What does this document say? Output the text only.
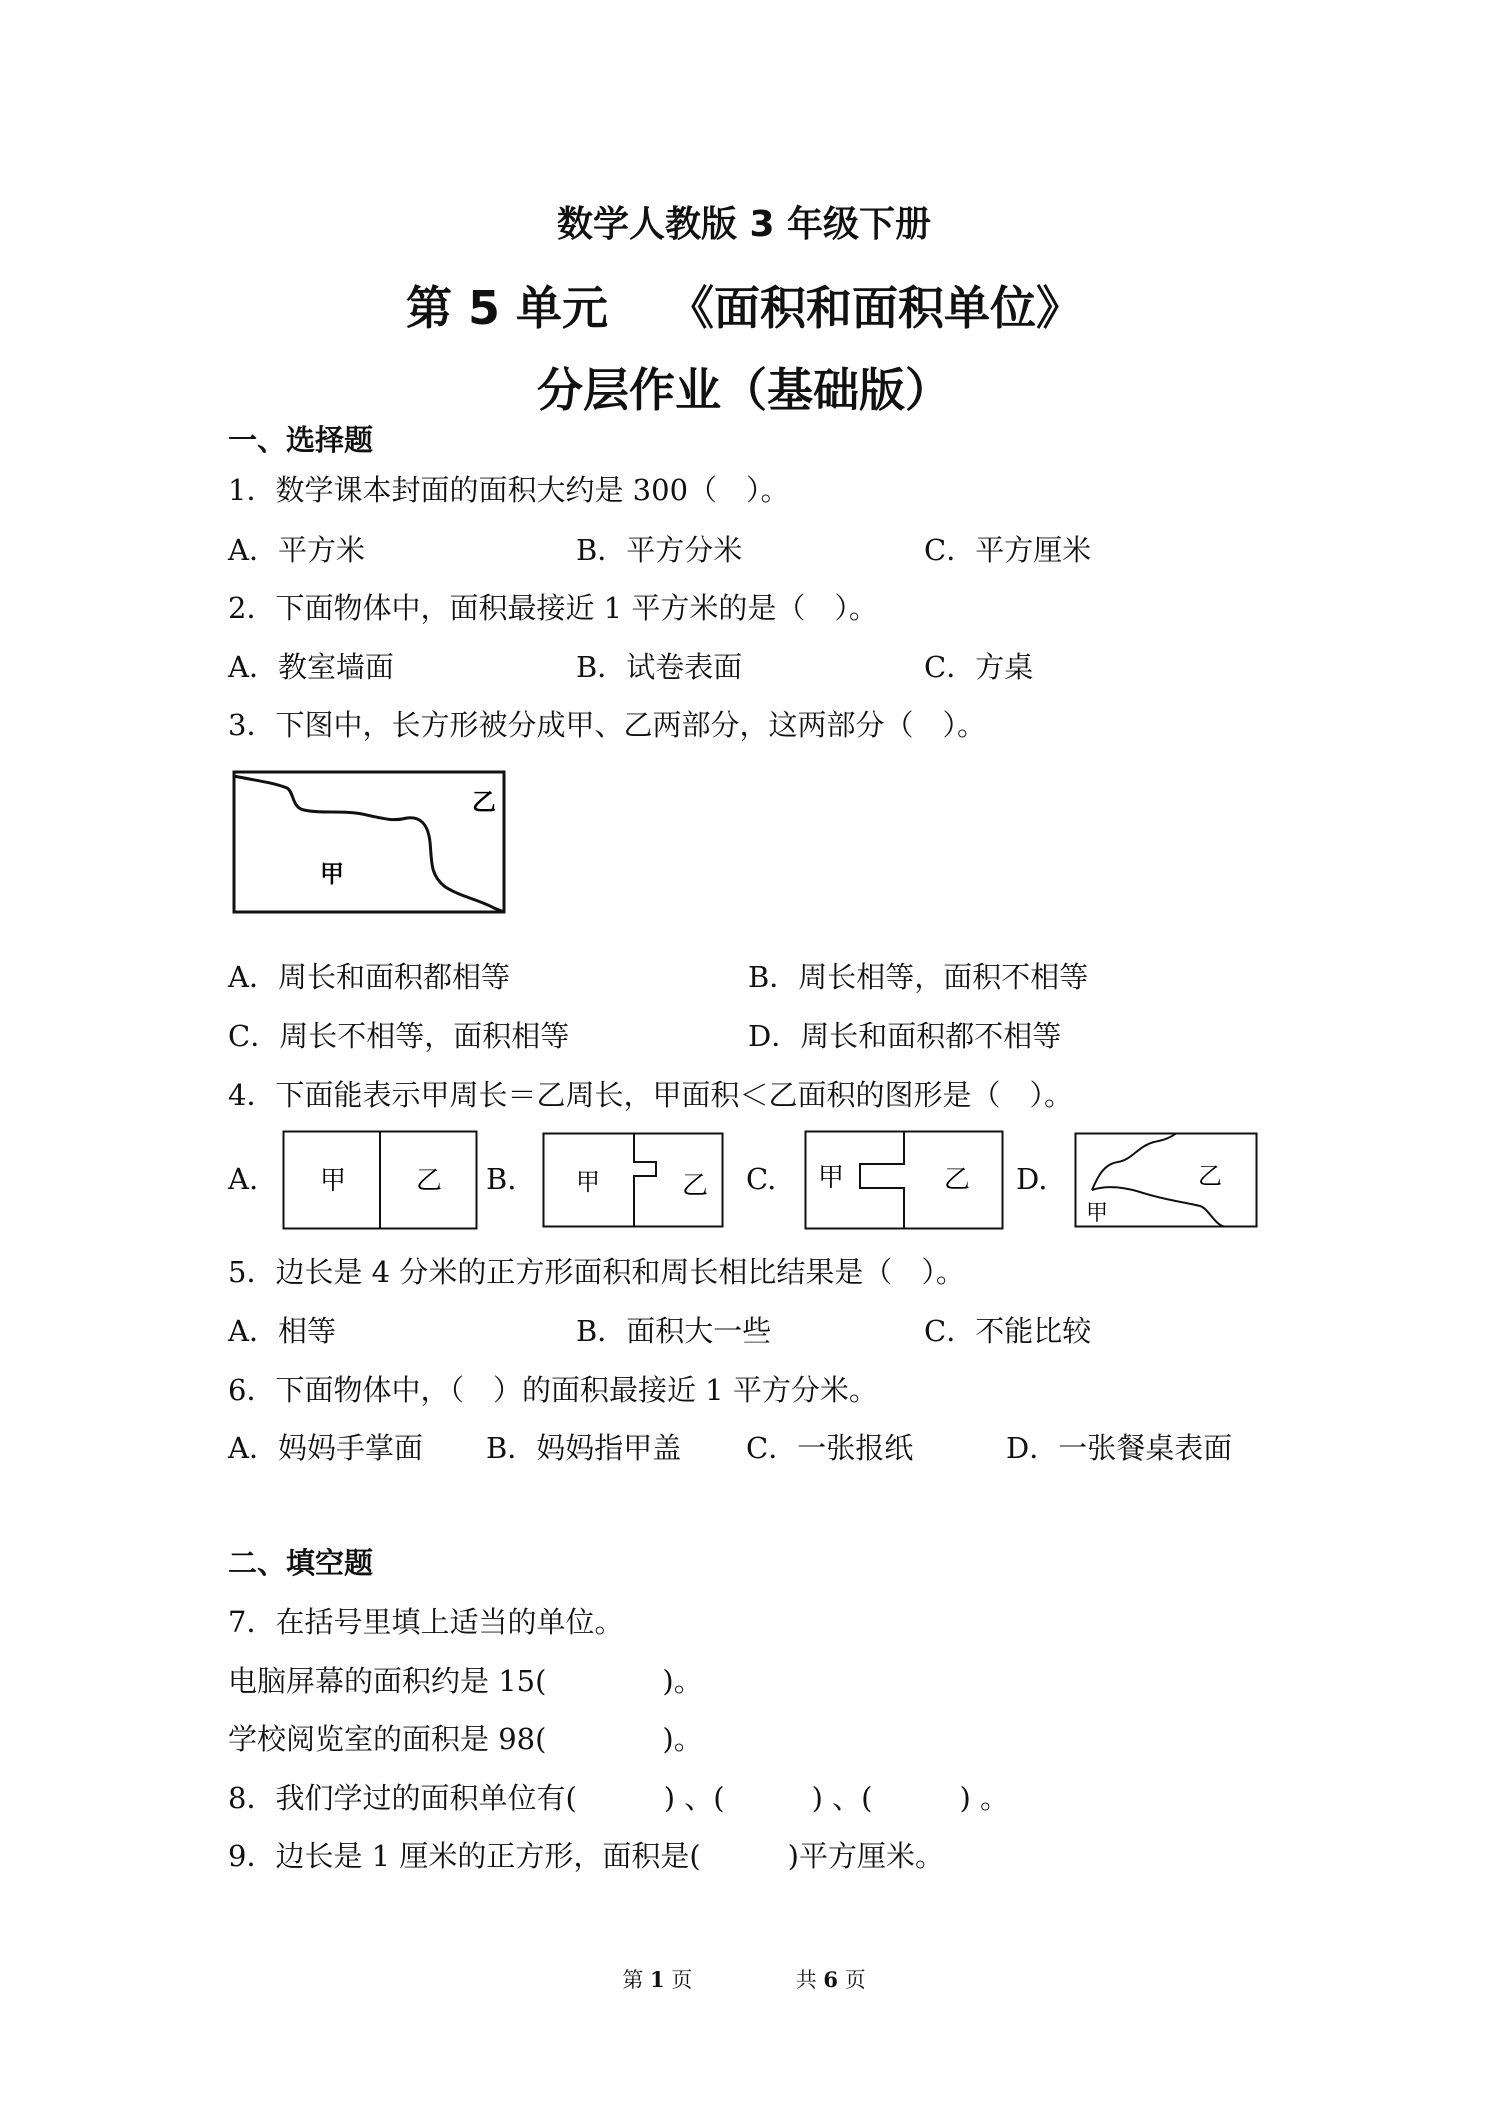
数学人教版 3 年级下册
第 5 单元 《面积和面积单位》
分层作业（基础版）
一、选择题
1．数学课本封面的面积大约是 300（　）。
A．平方米	B．平方分米	C．平方厘米
2．下面物体中，面积最接近 1 平方米的是（　）。
A．教室墙面	B．试卷表面	C．方桌
3．下图中，长方形被分成甲、乙两部分，这两部分（　）。
乙
甲
A．周长和面积都相等	B．周长相等，面积不相等
C．周长不相等，面积相等	D．周长和面积都不相等
4．下面能表示甲周长＝乙周长，甲面积＜乙面积的图形是（　）。
A. 甲	乙 B. 甲	乙 C. 甲	乙 D.
甲
乙
5．边长是 4 分米的正方形面积和周长相比结果是（　）。
A．相等	B．面积大一些	C．不能比较
6．下面物体中，（　）的面积最接近 1 平方分米。
A．妈妈手掌面 B．妈妈指甲盖 C．一张报纸	D．一张餐桌表面
二、填空题
7．在括号里填上适当的单位。
电脑屏幕的面积约是 15(　　　　)。
学校阅览室的面积是 98(　　　　)。
8．我们学过的面积单位有(　　　) 、(　　　) 、(　　　) 。
9．边长是 1 厘米的正方形，面积是(　　　)平方厘米。
第 1 页	共 6 页
